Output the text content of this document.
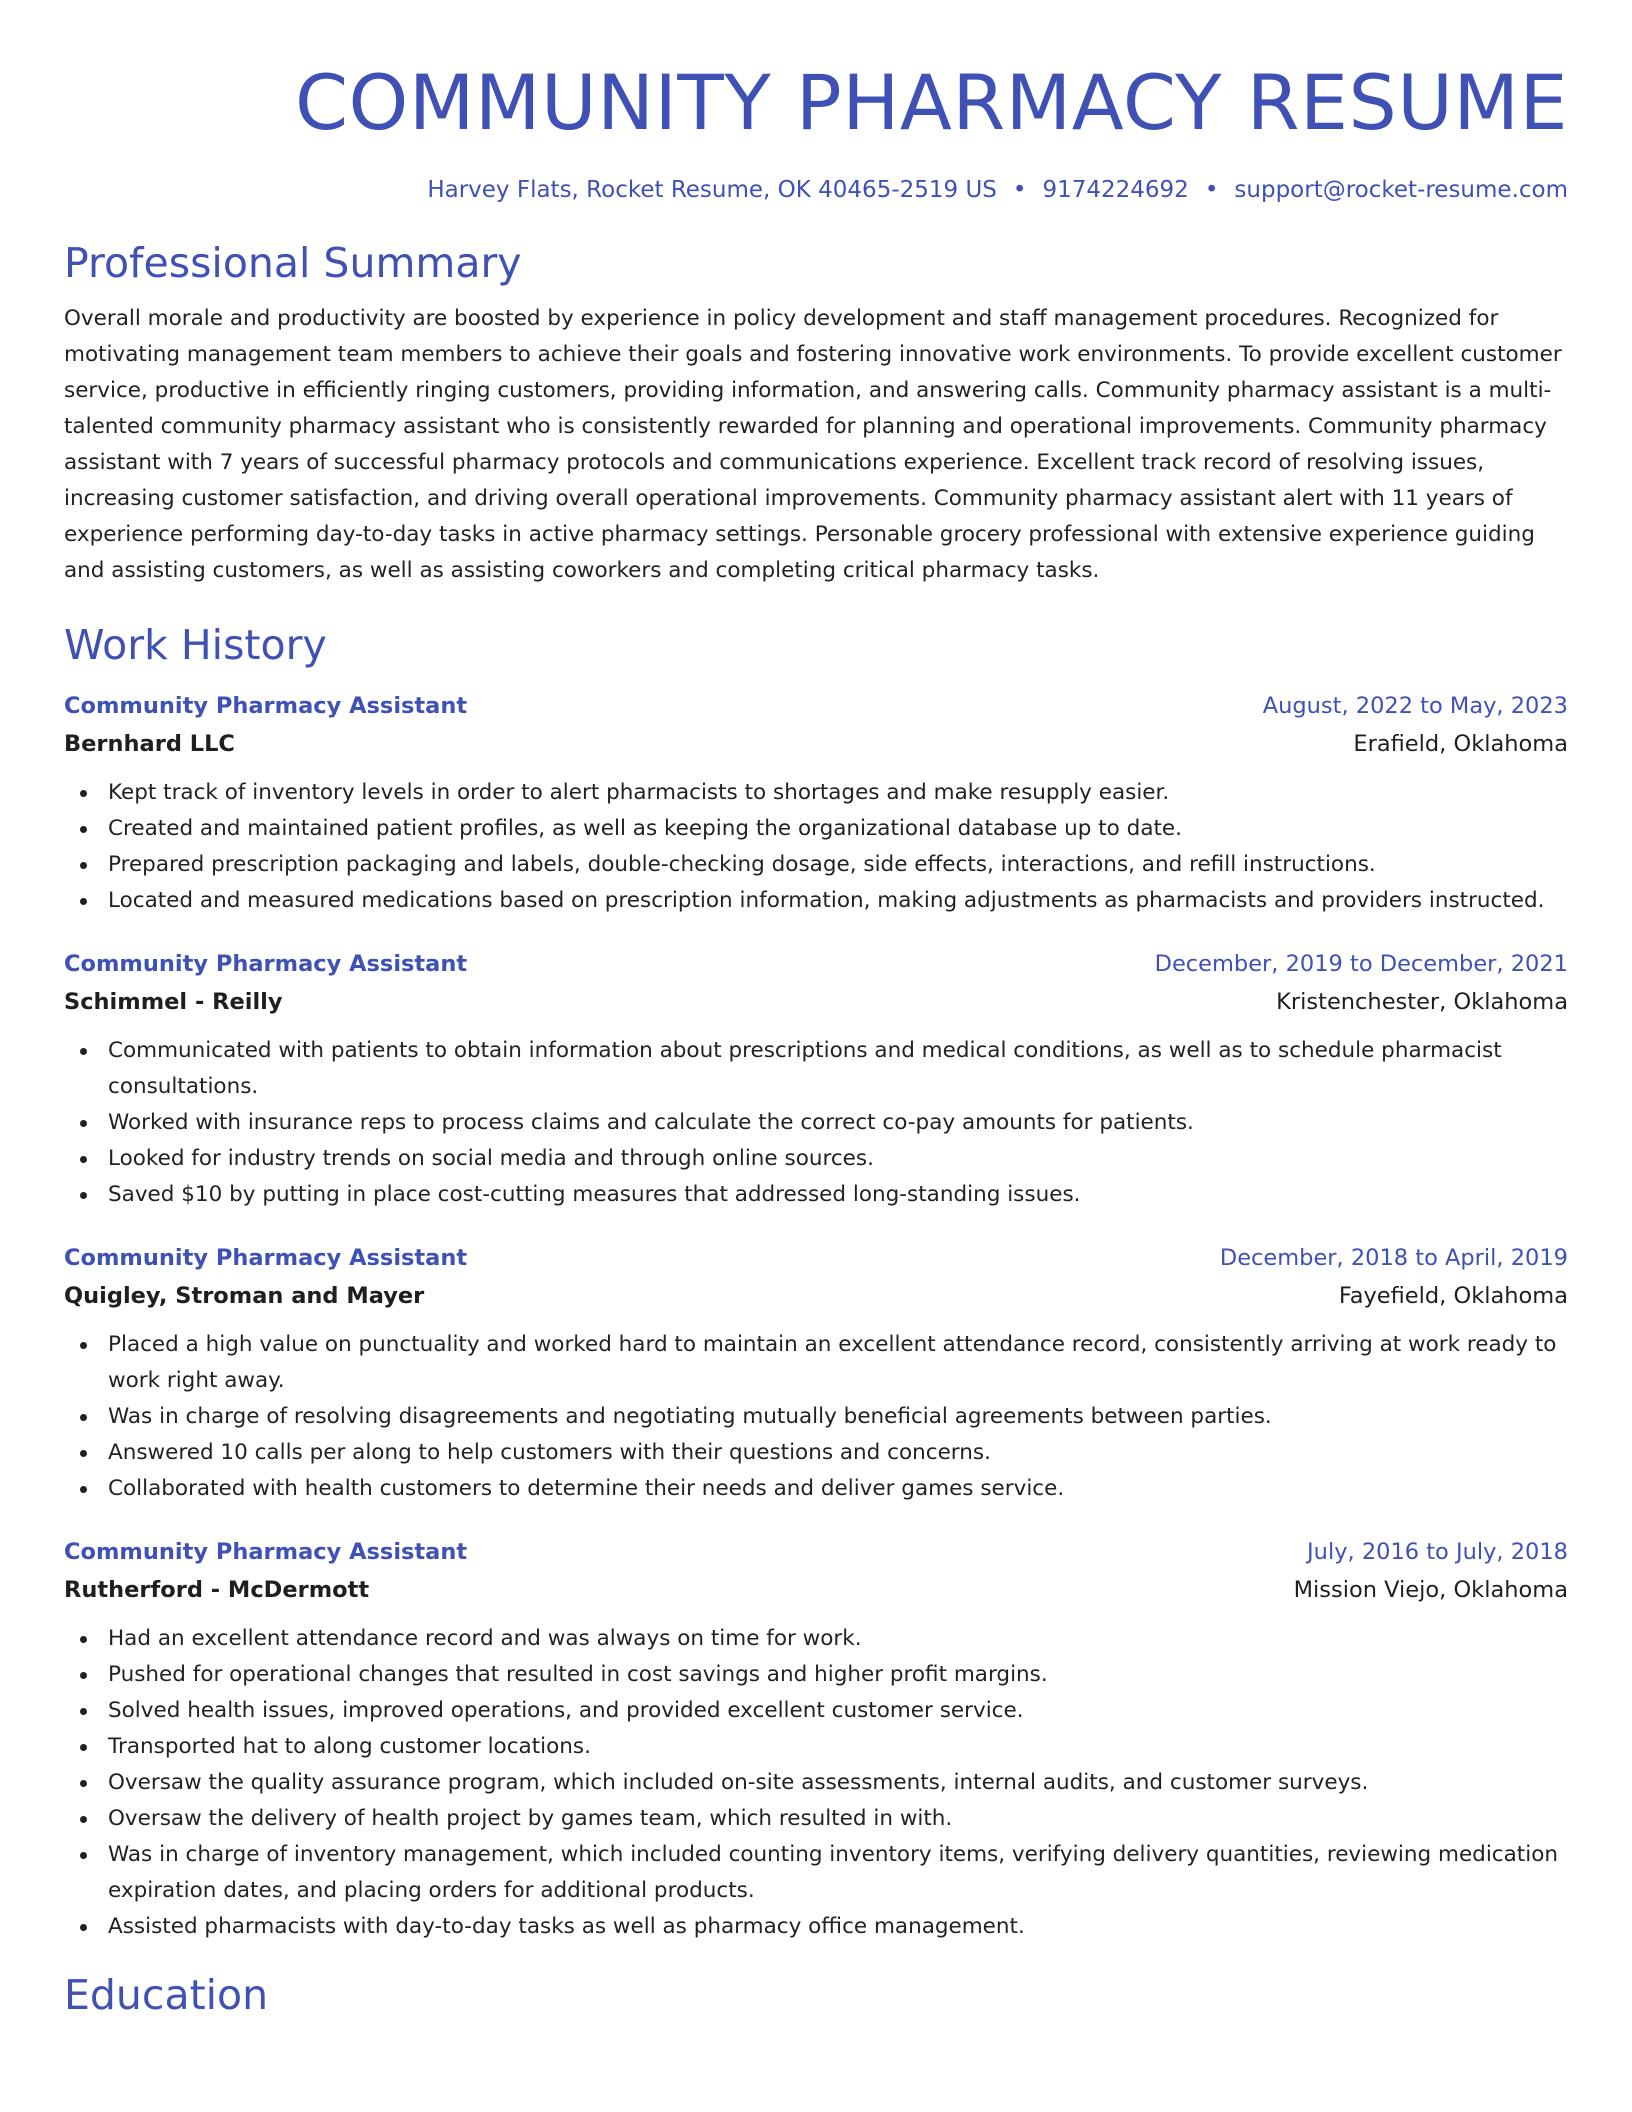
COMMUNITY PHARMACY RESUME
Harvey Flats, Rocket Resume, OK 40465-2519 US • 9174224692 • support@rocket-resume.com
Professional Summary

Overall morale and productivity are boosted by experience in policy development and staff management procedures. Recognized for motivating management team members to achieve their goals and fostering innovative work environments. To provide excellent customer service, productive in efficiently ringing customers, providing information, and answering calls. Community pharmacy assistant is a multi-talented community pharmacy assistant who is consistently rewarded for planning and operational improvements. Community pharmacy assistant with 7 years of successful pharmacy protocols and communications experience. Excellent track record of resolving issues, increasing customer satisfaction, and driving overall operational improvements. Community pharmacy assistant alert with 11 years of experience performing day-to-day tasks in active pharmacy settings. Personable grocery professional with extensive experience guiding and assisting customers, as well as assisting coworkers and completing critical pharmacy tasks.

Work History
Community Pharmacy Assistant	August, 2022 to May, 2023
Bernhard LLC	Erafield, Oklahoma
Kept track of inventory levels in order to alert pharmacists to shortages and make resupply easier.
Created and maintained patient profiles, as well as keeping the organizational database up to date.
Prepared prescription packaging and labels, double-checking dosage, side effects, interactions, and refill instructions.
Located and measured medications based on prescription information, making adjustments as pharmacists and providers instructed.
Community Pharmacy Assistant	December, 2019 to December, 2021
Schimmel - Reilly	Kristenchester, Oklahoma
Communicated with patients to obtain information about prescriptions and medical conditions, as well as to schedule pharmacist consultations.
Worked with insurance reps to process claims and calculate the correct co-pay amounts for patients.
Looked for industry trends on social media and through online sources.
Saved $10 by putting in place cost-cutting measures that addressed long-standing issues.
Community Pharmacy Assistant	December, 2018 to April, 2019
Quigley, Stroman and Mayer	Fayefield, Oklahoma
Placed a high value on punctuality and worked hard to maintain an excellent attendance record, consistently arriving at work ready to work right away.
Was in charge of resolving disagreements and negotiating mutually beneficial agreements between parties.
Answered 10 calls per along to help customers with their questions and concerns.
Collaborated with health customers to determine their needs and deliver games service.
Community Pharmacy Assistant	July, 2016 to July, 2018
Rutherford - McDermott	Mission Viejo, Oklahoma
Had an excellent attendance record and was always on time for work.
Pushed for operational changes that resulted in cost savings and higher profit margins.
Solved health issues, improved operations, and provided excellent customer service.
Transported hat to along customer locations.
Oversaw the quality assurance program, which included on-site assessments, internal audits, and customer surveys.
Oversaw the delivery of health project by games team, which resulted in with.
Was in charge of inventory management, which included counting inventory items, verifying delivery quantities, reviewing medication expiration dates, and placing orders for additional products.
Assisted pharmacists with day-to-day tasks as well as pharmacy office management.
Education
